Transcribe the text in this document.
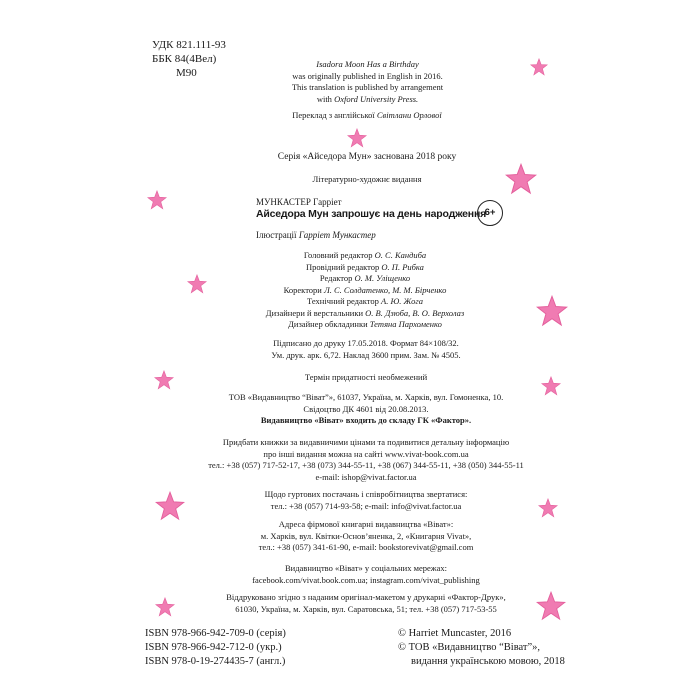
УДК 821.111-93
ББК 84(4Вел)
М90
Isadora Moon Has a Birthday
was originally published in English in 2016.
This translation is published by arrangement
with Oxford University Press.
Переклад з англійської Світлани Орлової
Серія «Айседора Мун» заснована 2018 року
Літературно-художнє видання
МУНКАСТЕР Гарріет
Айседора Мун запрошує на день народження
6+
Ілюстрації Гарріет Мункастер
Головний редактор О. С. Кандиба
Провідний редактор О. П. Рибка
Редактор О. М. Уліщенко
Коректори Л. С. Солдатенко, М. М. Бірченко
Технічний редактор А. Ю. Жога
Дизайнери й верстальники О. В. Дзюба, В. О. Верхолаз
Дизайнер обкладинки Тетяна Пархоменко
Підписано до друку 17.05.2018. Формат 84×108/32.
Ум. друк. арк. 6,72. Наклад 3600 прим. Зам. № 4505.
Термін придатності необмежений
ТОВ «Видавництво “Віват”», 61037, Україна, м. Харків, вул. Гомоненка, 10.
Свідоцтво ДК 4601 від 20.08.2013.
Видавництво «Віват» входить до складу ГК «Фактор».
Придбати книжки за видавничими цінами та подивитися детальну інформацію
про інші видання можна на сайті www.vivat-book.com.ua
тел.: +38 (057) 717-52-17, +38 (073) 344-55-11, +38 (067) 344-55-11, +38 (050) 344-55-11
e-mail: ishop@vivat.factor.ua
Щодо гуртових постачань і співробітництва звертатися:
тел.: +38 (057) 714-93-58; e-mail: info@vivat.factor.ua
Адреса фірмової книгарні видавництва «Віват»:
м. Харків, вул. Квітки-Основ’яненка, 2, «Книгарня Vivat»,
тел.: +38 (057) 341-61-90, e-mail: bookstorevivat@gmail.com
Видавництво «Віват» у соціальних мережах:
facebook.com/vivat.book.com.ua; instagram.com/vivat_publishing
Віддруковано згідно з наданим оригінал-макетом у друкарні «Фактор-Друк»,
61030, Україна, м. Харків, вул. Саратовська, 51; тел. +38 (057) 717-53-55
ISBN 978-966-942-709-0 (серія)
ISBN 978-966-942-712-0 (укр.)
ISBN 978-0-19-274435-7 (англ.)
© Harriet Muncaster, 2016
© ТОВ «Видавництво “Віват”»,
видання українською мовою, 2018
